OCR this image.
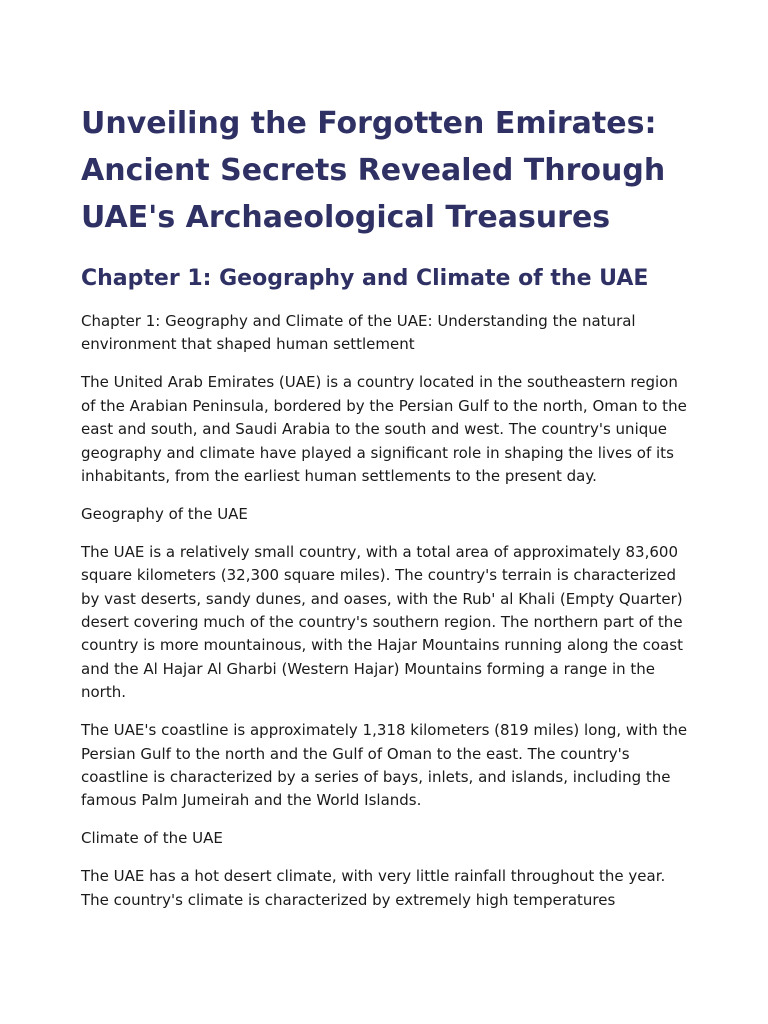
Unveiling the Forgotten Emirates: Ancient Secrets Revealed Through UAE's Archaeological Treasures
Chapter 1: Geography and Climate of the UAE

Chapter 1: Geography and Climate of the UAE: Understanding the natural environment that shaped human settlement

The United Arab Emirates (UAE) is a country located in the southeastern region of the Arabian Peninsula, bordered by the Persian Gulf to the north, Oman to the east and south, and Saudi Arabia to the south and west. The country's unique geography and climate have played a significant role in shaping the lives of its inhabitants, from the earliest human settlements to the present day.

Geography of the UAE

The UAE is a relatively small country, with a total area of approximately 83,600 square kilometers (32,300 square miles). The country's terrain is characterized by vast deserts, sandy dunes, and oases, with the Rub' al Khali (Empty Quarter) desert covering much of the country's southern region. The northern part of the country is more mountainous, with the Hajar Mountains running along the coast and the Al Hajar Al Gharbi (Western Hajar) Mountains forming a range in the north.

The UAE's coastline is approximately 1,318 kilometers (819 miles) long, with the Persian Gulf to the north and the Gulf of Oman to the east. The country's coastline is characterized by a series of bays, inlets, and islands, including the famous Palm Jumeirah and the World Islands.

Climate of the UAE

The UAE has a hot desert climate, with very little rainfall throughout the year. The country's climate is characterized by extremely high temperatures
